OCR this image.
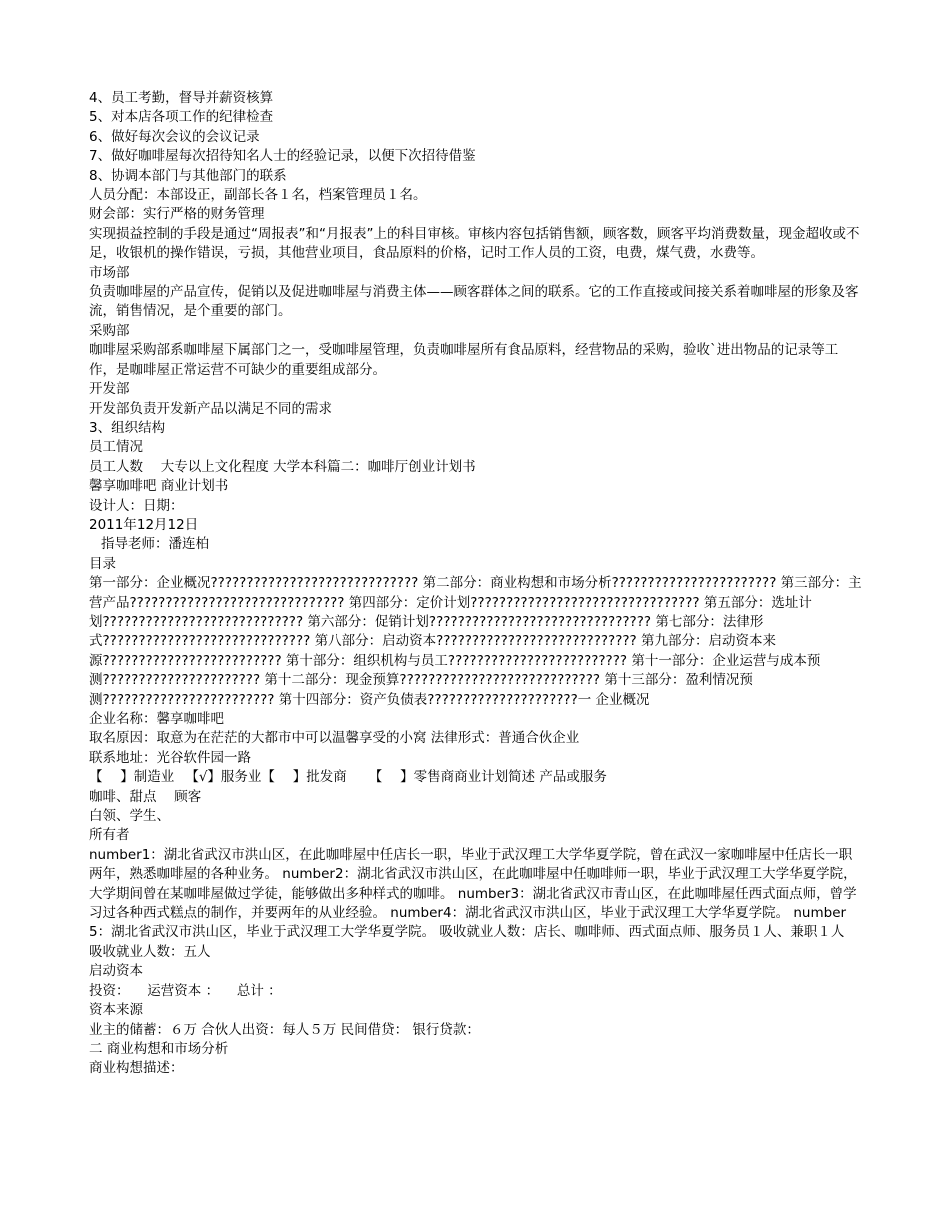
4、员工考勤，督导并薪资核算

5、对本店各项工作的纪律检查

6、做好每次会议的会议记录

7、做好咖啡屋每次招待知名人士的经验记录，以便下次招待借鉴

8、协调本部门与其他部门的联系

人员分配：本部设正，副部长各１名，档案管理员１名。

财会部：实行严格的财务管理

实现损益控制的手段是通过“周报表”和“月报表”上的科目审核。审核内容包括销售额，顾客数，顾客平均消费数量，现金超收或不足，收银机的操作错误，亏损，其他营业项目，食品原料的价格，记时工作人员的工资，电费，煤气费，水费等。

市场部

负责咖啡屋的产品宣传，促销以及促进咖啡屋与消费主体——顾客群体之间的联系。它的工作直接或间接关系着咖啡屋的形象及客流，销售情况，是个重要的部门。

采购部

咖啡屋采购部系咖啡屋下属部门之一，受咖啡屋管理，负责咖啡屋所有食品原料，经营物品的采购，验收`进出物品的记录等工作，是咖啡屋正常运营不可缺少的重要组成部分。

开发部

开发部负责开发新产品以满足不同的需求

3、组织结构

员工情况

员工人数 　大专以上文化程度 大学本科篇二：咖啡厅创业计划书

馨享咖啡吧 商业计划书

设计人：日期：

2011年12月12日

指导老师：潘连柏

目录

第一部分：企业概况????????????????????????????? 第二部分：商业构想和市场分析??????????????????????? 第三部分：主营产品?????????????????????????????? 第四部分：定价计划???????????????????????????????? 第五部分：选址计划???????????????????????????? 第六部分：促销计划??????????????????????????????? 第七部分：法律形式????????????????????????????? 第八部分：启动资本???????????????????????????? 第九部分：启动资本来源????????????????????????? 第十部分：组织机构与员工????????????????????????? 第十一部分：企业运营与成本预测?????????????????????? 第十二部分：现金预算???????????????????????????? 第十三部分：盈利情况预测???????????????????????? 第十四部分：资产负债表?????????????????????一 企业概况

企业名称：馨享咖啡吧

取名原因：取意为在茫茫的大都市中可以温馨享受的小窝 法律形式：普通合伙企业

联系地址：光谷软件园一路

【　 】制造业 　【√】服务业【　 】批发商 　 【　 】零售商商业计划简述 产品或服务

咖啡、甜点 　顾客

白领、学生、

所有者

number1：湖北省武汉市洪山区，在此咖啡屋中任店长一职，毕业于武汉理工大学华夏学院，曾在武汉一家咖啡屋中任店长一职两年，熟悉咖啡屋的各种业务。 number2：湖北省武汉市洪山区，在此咖啡屋中任咖啡师一职，毕业于武汉理工大学华夏学院，大学期间曾在某咖啡屋做过学徒，能够做出多种样式的咖啡。 number3：湖北省武汉市青山区，在此咖啡屋任西式面点师，曾学习过各种西式糕点的制作，并要两年的从业经验。 number4：湖北省武汉市洪山区，毕业于武汉理工大学华夏学院。 number5：湖北省武汉市洪山区，毕业于武汉理工大学华夏学院。 吸收就业人数：店长、咖啡师、西式面点师、服务员１人、兼职１人

吸收就业人数：五人

启动资本

投资： 　运营资本 ： 　总计 ：

资本来源

业主的储蓄：６万 合伙人出资：每人５万 民间借贷： 银行贷款：

二 商业构想和市场分析

商业构想描述：
